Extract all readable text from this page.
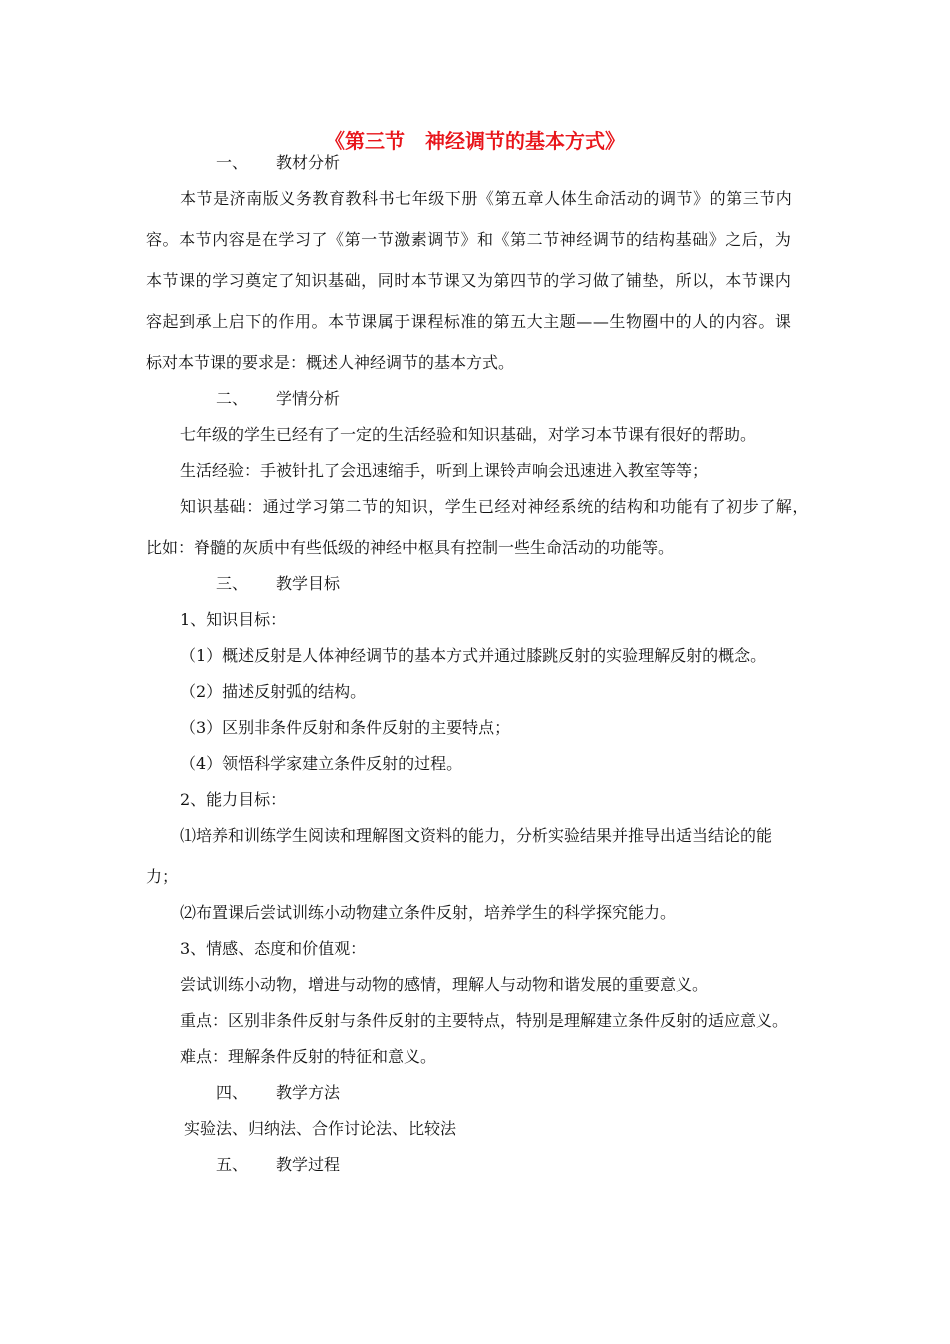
《第三节　神经调节的基本方式》
一、 教材分析
本节是济南版义务教育教科书七年级下册《第五章人体生命活动的调节》的第三节内
容。本节内容是在学习了《第一节激素调节》和《第二节神经调节的结构基础》之后，为
本节课的学习奠定了知识基础，同时本节课又为第四节的学习做了铺垫，所以，本节课内
容起到承上启下的作用。本节课属于课程标准的第五大主题——生物圈中的人的内容。课
标对本节课的要求是：概述人神经调节的基本方式。
二、 学情分析
七年级的学生已经有了一定的生活经验和知识基础，对学习本节课有很好的帮助。
生活经验：手被针扎了会迅速缩手，听到上课铃声响会迅速进入教室等等；
知识基础：通过学习第二节的知识，学生已经对神经系统的结构和功能有了初步了解，
比如：脊髓的灰质中有些低级的神经中枢具有控制一些生命活动的功能等。
三、 教学目标
1、知识目标：
（1）概述反射是人体神经调节的基本方式并通过膝跳反射的实验理解反射的概念。
（2）描述反射弧的结构。
（3）区别非条件反射和条件反射的主要特点；
（4）领悟科学家建立条件反射的过程。
2、能力目标：
⑴培养和训练学生阅读和理解图文资料的能力，分析实验结果并推导出适当结论的能
力；
⑵布置课后尝试训练小动物建立条件反射，培养学生的科学探究能力。
3、情感、态度和价值观：
尝试训练小动物，增进与动物的感情，理解人与动物和谐发展的重要意义。
重点：区别非条件反射与条件反射的主要特点，特别是理解建立条件反射的适应意义。
难点：理解条件反射的特征和意义。
四、 教学方法
实验法、归纳法、合作讨论法、比较法
五、 教学过程
